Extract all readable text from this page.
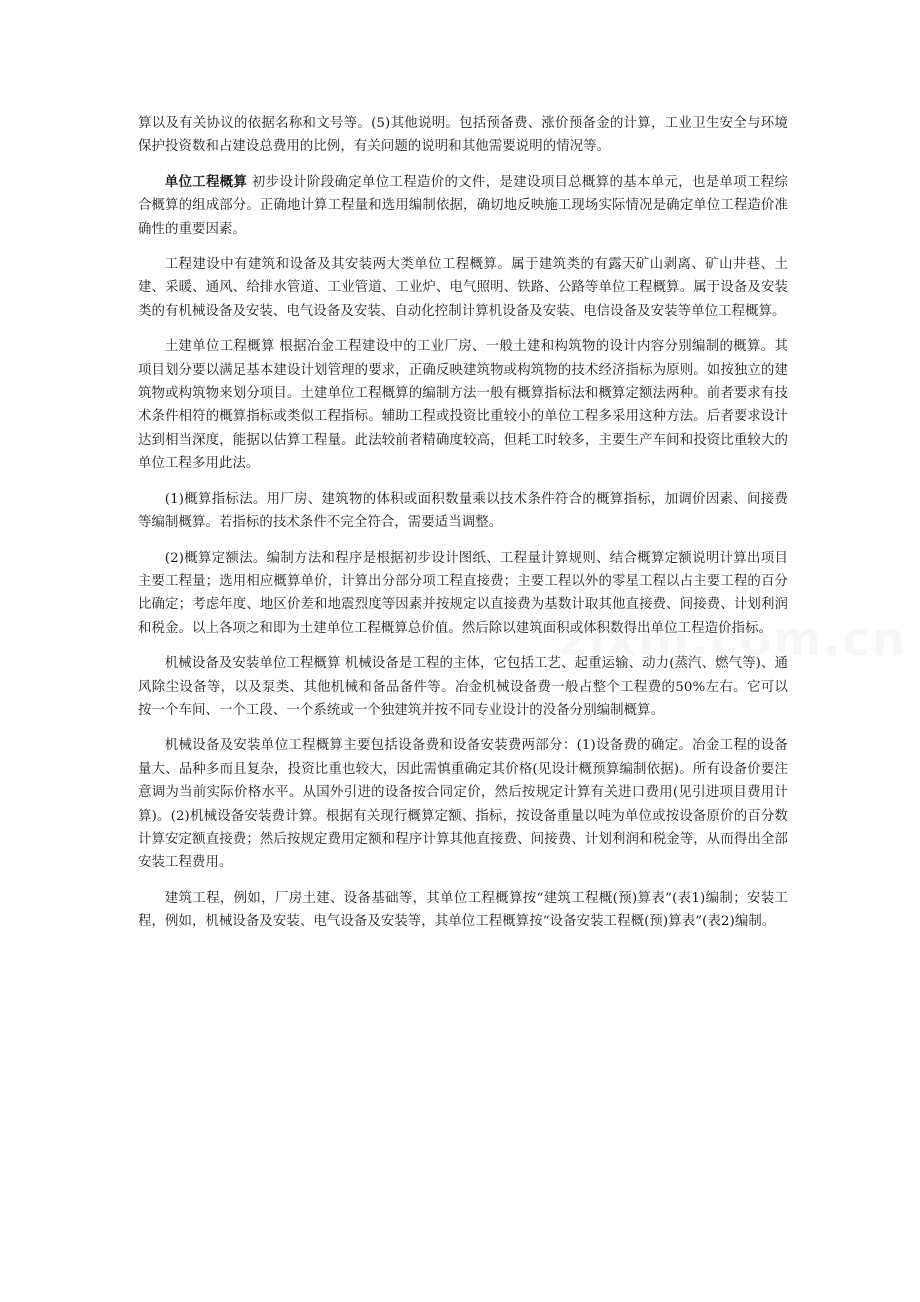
算以及有关协议的依据名称和文号等。(5)其他说明。包括预备费、涨价预备金的计算，工业卫生安全与环境保护投资数和占建设总费用的比例，有关问题的说明和其他需要说明的情况等。

单位工程概算 初步设计阶段确定单位工程造价的文件，是建设项目总概算的基本单元，也是单项工程综合概算的组成部分。正确地计算工程量和选用编制依据，确切地反映施工现场实际情况是确定单位工程造价准确性的重要因素。

工程建设中有建筑和设备及其安装两大类单位工程概算。属于建筑类的有露天矿山剥离、矿山井巷、土建、采暖、通风、给排水管道、工业管道、工业炉、电气照明、铁路、公路等单位工程概算。属于设备及安装类的有机械设备及安装、电气设备及安装、自动化控制计算机设备及安装、电信设备及安装等单位工程概算。

土建单位工程概算 根据冶金工程建设中的工业厂房、一般土建和构筑物的设计内容分别编制的概算。其项目划分要以满足基本建设计划管理的要求，正确反映建筑物或构筑物的技术经济指标为原则。如按独立的建筑物或构筑物来划分项目。土建单位工程概算的编制方法一般有概算指标法和概算定额法两种。前者要求有技术条件相符的概算指标或类似工程指标。辅助工程或投资比重较小的单位工程多采用这种方法。后者要求设计达到相当深度，能据以估算工程量。此法较前者精确度较高，但耗工时较多，主要生产车间和投资比重较大的单位工程多用此法。

(1)概算指标法。用厂房、建筑物的体积或面积数量乘以技术条件符合的概算指标，加调价因素、间接费等编制概算。若指标的技术条件不完全符合，需要适当调整。

(2)概算定额法。编制方法和程序是根据初步设计图纸、工程量计算规则、结合概算定额说明计算出项目主要工程量；选用相应概算单价，计算出分部分项工程直接费；主要工程以外的零星工程以占主要工程的百分比确定；考虑年度、地区价差和地震烈度等因素并按规定以直接费为基数计取其他直接费、间接费、计划利润和税金。以上各项之和即为土建单位工程概算总价值。然后除以建筑面积或体积数得出单位工程造价指标。

机械设备及安装单位工程概算 机械设备是工程的主体，它包括工艺、起重运输、动力(蒸汽、燃气等)、通风除尘设备等，以及泵类、其他机械和备品备件等。冶金机械设备费一般占整个工程费的50%左右。它可以按一个车间、一个工段、一个系统或一个独建筑并按不同专业设计的没备分别编制概算。

机械设备及安装单位工程概算主要包括设备费和设备安装费两部分：(1)设备费的确定。冶金工程的设备量大、品种多而且复杂，投资比重也较大，因此需慎重确定其价格(见设计概预算编制依据)。所有设备价要注意调为当前实际价格水平。从国外引进的设备按合同定价，然后按规定计算有关进口费用(见引进项目费用计算)。(2)机械设备安装费计算。根据有关现行概算定额、指标，按设备重量以吨为单位或按设备原价的百分数计算安定额直接费；然后按规定费用定额和程序计算其他直接费、间接费、计划利润和税金等，从而得出全部安装工程费用。

建筑工程，例如，厂房土建、设备基础等，其单位工程概算按“建筑工程概(预)算表”(表1)编制；安装工程，例如，机械设备及安装、电气设备及安装等，其单位工程概算按“设备安装工程概(预)算表”(表2)编制。
